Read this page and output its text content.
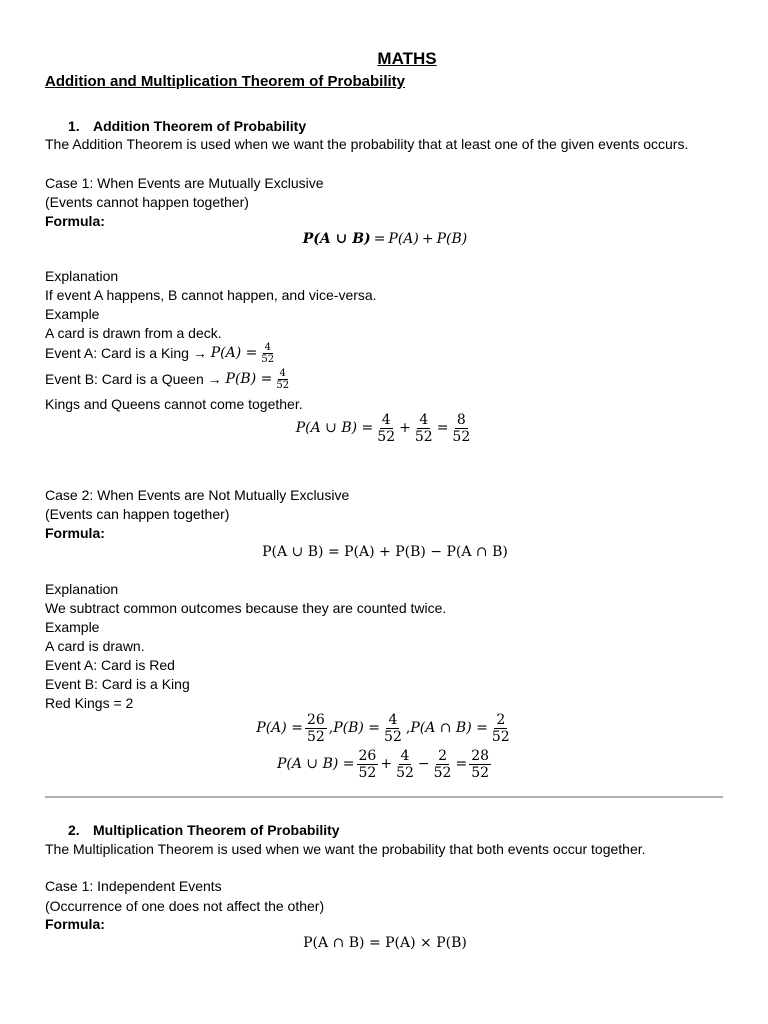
MATHS
Addition and Multiplication Theorem of Probability
1. Addition Theorem of Probability
The Addition Theorem is used when we want the probability that at least one of the given events occurs.
Case 1: When Events are Mutually Exclusive
(Events cannot happen together)
Formula:
P(A ∪ B) = P(A) + P(B)
Explanation
If event A happens, B cannot happen, and vice-versa.
Example
A card is drawn from a deck.
Event A: Card is a King → $P(A) = \frac{4}{52}$
Event B: Card is a Queen → $P(B) = \frac{4}{52}$
Kings and Queens cannot come together.
P(A ∪ $B) = \frac{4}{52} + \frac{4}{52} = \frac{8}{52}$
Case 2: When Events are Not Mutually Exclusive
(Events can happen together)
Formula:
P(A ∪ B) = P(A) + P(B) − P(A ∩ B)
Explanation
We subtract common outcomes because they are counted twice.
Example
A card is drawn.
Event A: Card is Red
Event B: Card is a King
Red Kings = 2
$P(A) = \frac{26}{52}$ , $P(B) = \frac{4}{52}$ , P(A ∩ $B) = \frac{2}{52}$
P(A ∪ $B) = \frac{26}{52} + \frac{4}{52} - \frac{2}{52} = \frac{28}{52}$
2. Multiplication Theorem of Probability
The Multiplication Theorem is used when we want the probability that both events occur together.
Case 1: Independent Events
(Occurrence of one does not affect the other)
Formula:
P(A ∩ B) = P(A) × P(B)
